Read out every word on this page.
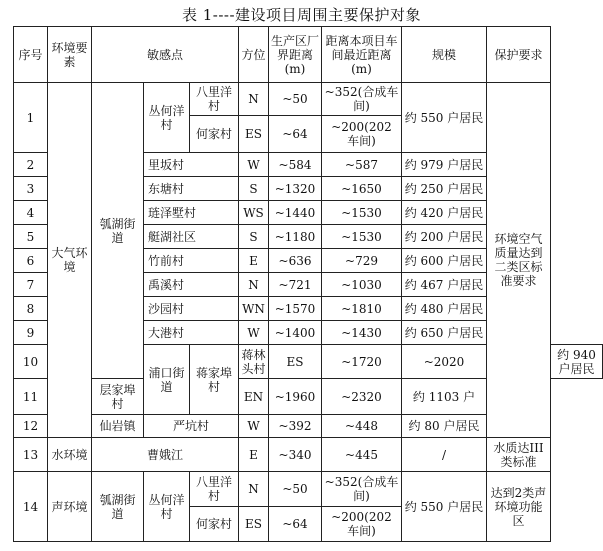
表 1----建设项目周围主要保护对象
序号	环境要素	敏感点			方位	生产区厂界距离(m)	距离本项目车间最近距离(m)	规模	保护要求	
1	大气环境	瓠湖街道	丛何洋村	八里洋村	N	~50	~352(合成车间)	约 550 户居民	环境空气质量达到二类区标准要求	
				何家村	ES	~64	~200(202 车间)			
2			里坂村		W	~584	~587	约 979 户居民		
3			东塘村		S	~1320	~1650	约 250 户居民		
4			琏泽墅村		WS	~1440	~1530	约 420 户居民		
5			艇湖社区		S	~1180	~1530	约 200 户居民		
6			竹前村		E	~636	~729	约 600 户居民		
7			禹溪村		N	~721	~1030	约 467 户居民		
8			沙园村		WN	~1570	~1810	约 480 户居民		
9			大港村		W	~1400	~1430	约 650 户居民		
10			浦口街道	蒋家埠村	蒋林头村	ES	~1720	~2020		约 940 户居民
11		层家埠村			EN	~1960	~2320	约 1103 户		
12		仙岩镇	严坑村		W	~392	~448	约 80 户居民		
13	水环境	曹娥江			E	~340	~445	/	水质达III类标准	
14	声环境	瓠湖街道	丛何洋村	八里洋村	N	~50	~352(合成车间)	约 550 户居民	达到2类声环境功能区	
				何家村	ES	~64	~200(202 车间)			
